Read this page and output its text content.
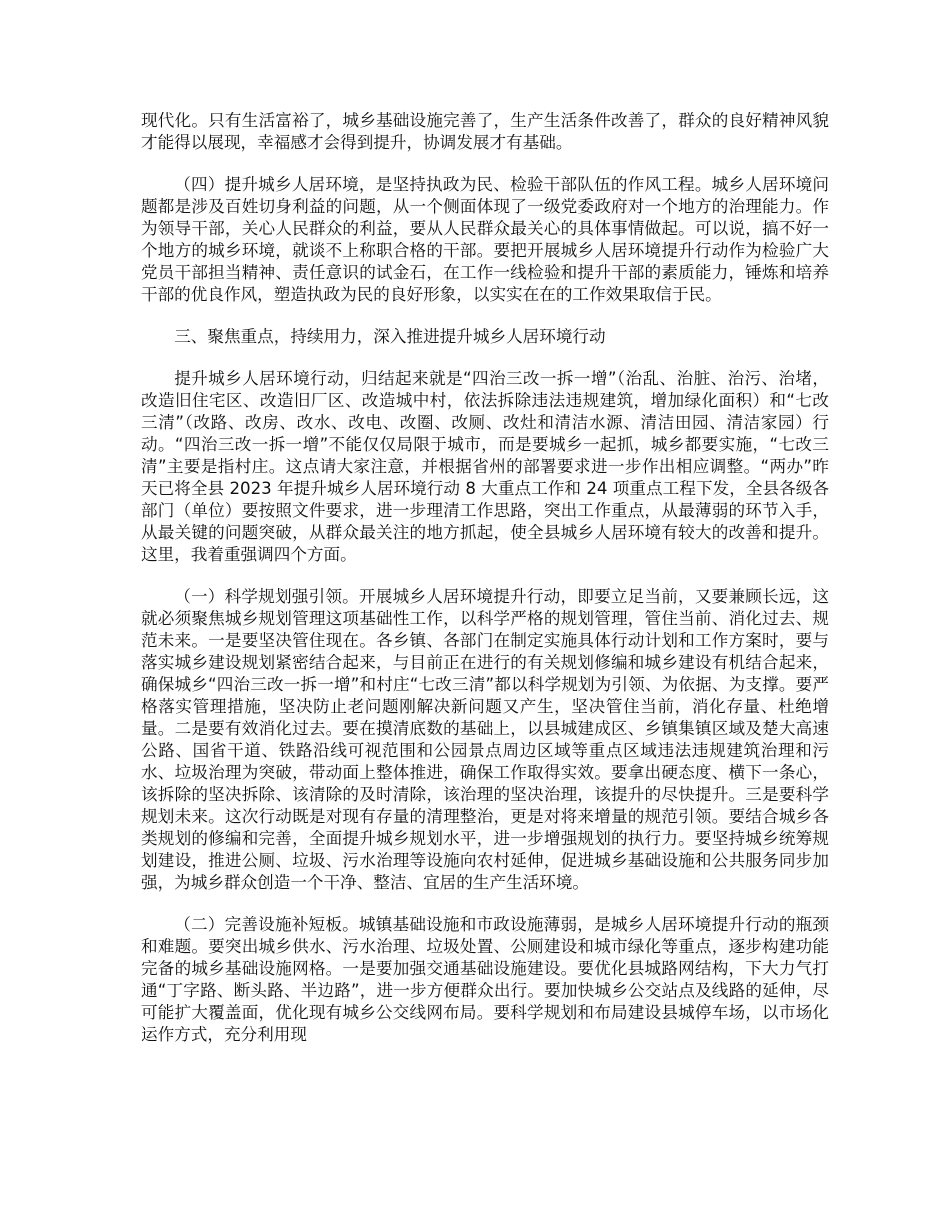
现代化。只有生活富裕了，城乡基础设施完善了，生产生活条件改善了，群众的良好精神风貌才能得以展现，幸福感才会得到提升，协调发展才有基础。

（四）提升城乡人居环境，是坚持执政为民、检验干部队伍的作风工程。城乡人居环境问题都是涉及百姓切身利益的问题，从一个侧面体现了一级党委政府对一个地方的治理能力。作为领导干部，关心人民群众的利益，要从人民群众最关心的具体事情做起。可以说，搞不好一个地方的城乡环境，就谈不上称职合格的干部。要把开展城乡人居环境提升行动作为检验广大党员干部担当精神、责任意识的试金石，在工作一线检验和提升干部的素质能力，锤炼和培养干部的优良作风，塑造执政为民的良好形象，以实实在在的工作效果取信于民。

三、聚焦重点，持续用力，深入推进提升城乡人居环境行动

提升城乡人居环境行动，归结起来就是“四治三改一拆一增”（治乱、治脏、治污、治堵，改造旧住宅区、改造旧厂区、改造城中村，依法拆除违法违规建筑，增加绿化面积）和“七改三清”（改路、改房、改水、改电、改圈、改厕、改灶和清洁水源、清洁田园、清洁家园）行动。“四治三改一拆一增”不能仅仅局限于城市，而是要城乡一起抓，城乡都要实施，“七改三清”主要是指村庄。这点请大家注意，并根据省州的部署要求进一步作出相应调整。“两办”昨天已将全县 2023 年提升城乡人居环境行动 8 大重点工作和 24 项重点工程下发，全县各级各部门（单位）要按照文件要求，进一步理清工作思路，突出工作重点，从最薄弱的环节入手，从最关键的问题突破，从群众最关注的地方抓起，使全县城乡人居环境有较大的改善和提升。这里，我着重强调四个方面。

（一）科学规划强引领。开展城乡人居环境提升行动，即要立足当前，又要兼顾长远，这就必须聚焦城乡规划管理这项基础性工作，以科学严格的规划管理，管住当前、消化过去、规范未来。一是要坚决管住现在。各乡镇、各部门在制定实施具体行动计划和工作方案时，要与落实城乡建设规划紧密结合起来，与目前正在进行的有关规划修编和城乡建设有机结合起来，确保城乡“四治三改一拆一增”和村庄“七改三清”都以科学规划为引领、为依据、为支撑。要严格落实管理措施，坚决防止老问题刚解决新问题又产生，坚决管住当前，消化存量、杜绝增量。二是要有效消化过去。要在摸清底数的基础上，以县城建成区、乡镇集镇区域及楚大高速公路、国省干道、铁路沿线可视范围和公园景点周边区域等重点区域违法违规建筑治理和污水、垃圾治理为突破，带动面上整体推进，确保工作取得实效。要拿出硬态度、横下一条心，该拆除的坚决拆除、该清除的及时清除，该治理的坚决治理，该提升的尽快提升。三是要科学规划未来。这次行动既是对现有存量的清理整治，更是对将来增量的规范引领。要结合城乡各类规划的修编和完善，全面提升城乡规划水平，进一步增强规划的执行力。要坚持城乡统筹规划建设，推进公厕、垃圾、污水治理等设施向农村延伸，促进城乡基础设施和公共服务同步加强，为城乡群众创造一个干净、整洁、宜居的生产生活环境。

（二）完善设施补短板。城镇基础设施和市政设施薄弱，是城乡人居环境提升行动的瓶颈和难题。要突出城乡供水、污水治理、垃圾处置、公厕建设和城市绿化等重点，逐步构建功能完备的城乡基础设施网格。一是要加强交通基础设施建设。要优化县城路网结构，下大力气打通“丁字路、断头路、半边路”，进一步方便群众出行。要加快城乡公交站点及线路的延伸，尽可能扩大覆盖面，优化现有城乡公交线网布局。要科学规划和布局建设县城停车场，以市场化运作方式，充分利用现
